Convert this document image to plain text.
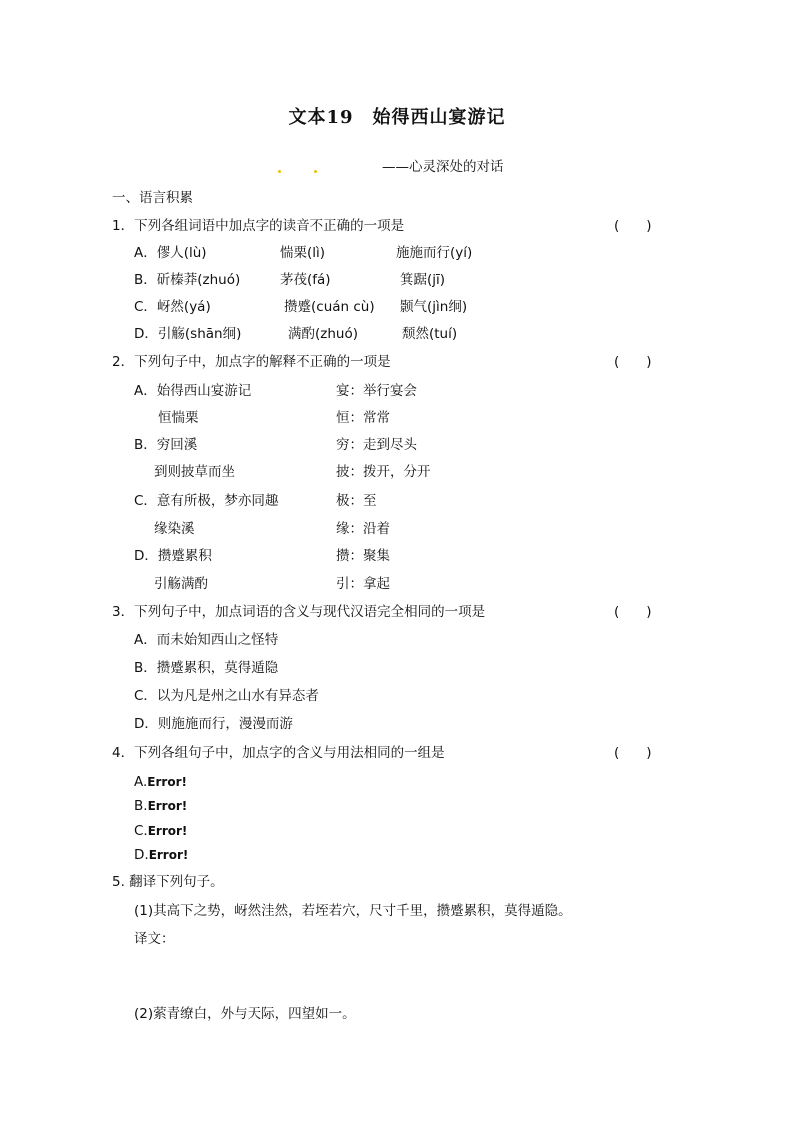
文本19　始得西山宴游记
——心灵深处的对话
一、语言积累
1．下列各组词语中加点字的读音不正确的一项是	(　　)
A．僇人(lù)	惴栗(lì)	施施而行(yí)
B．斫榛莽(zhuó)	茅茷(fá)	箕踞(jī)
C．岈然(yá)	攒蹙(cuán cù) 颢气(jìn䌹)
D．引觞(shān䌹)	满酌(zhuó)	颓然(tuí)
2．下列句子中，加点字的解释不正确的一项是	(　　)
A．始得西山宴游记	宴：举行宴会
恒惴栗	恒：常常
B．穷回溪	穷：走到尽头
到则披草而坐	披：拨开，分开
C．意有所极，梦亦同趣	极：至
缘染溪	缘：沿着
D．攒蹙累积	攒：聚集
引觞满酌	引：拿起
3．下列句子中，加点词语的含义与现代汉语完全相同的一项是	(　　)
A．而未始知西山之怪特
B．攒蹙累积，莫得遁隐
C．以为凡是州之山水有异态者
D．则施施而行，漫漫而游
4．下列各组句子中，加点字的含义与用法相同的一组是	(　　)
A.Error!
B.Error!
C.Error!
D.Error!
5. 翻译下列句子。
(1)其高下之势，岈然洼然，若垤若穴，尺寸千里，攒蹙累积，莫得遁隐。
译文：
(2)萦青缭白，外与天际，四望如一。
